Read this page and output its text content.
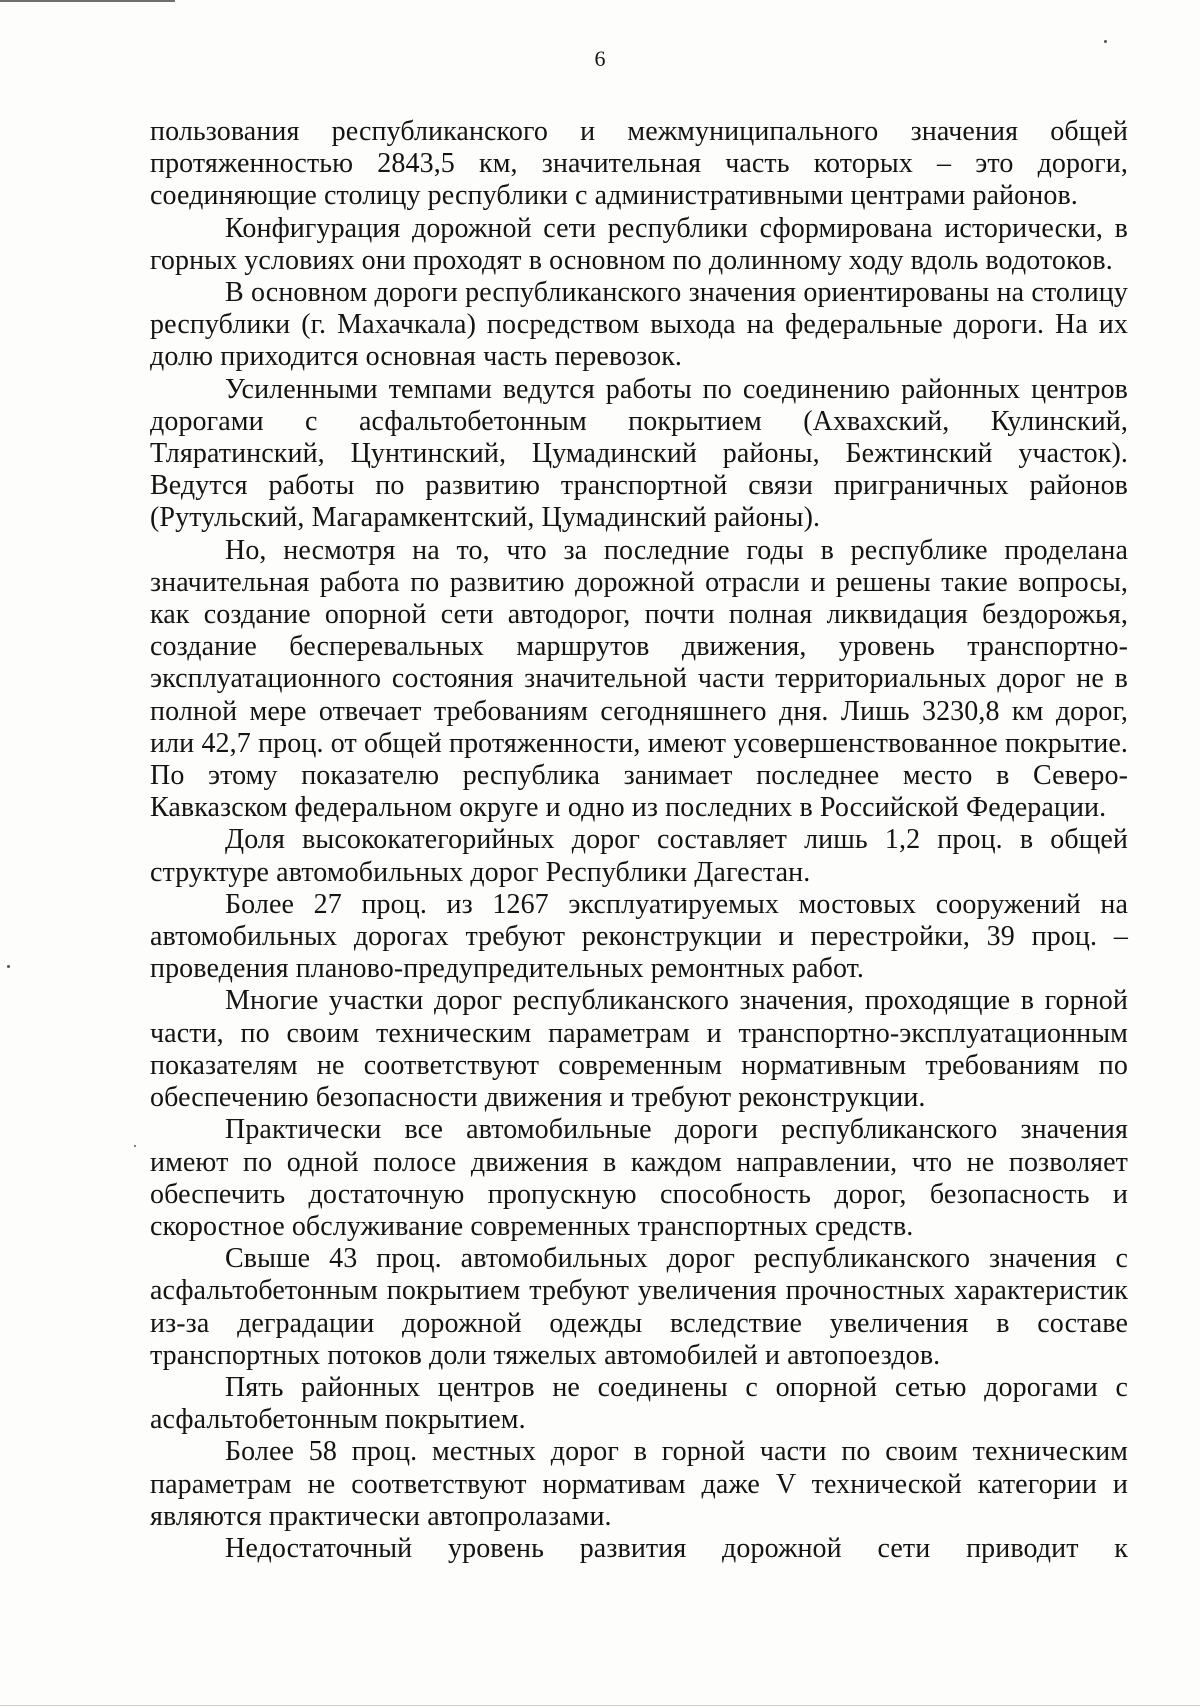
6

пользования республиканского и межмуниципального значения общей протяженностью 2843,5 км, значительная часть которых – это дороги, соединяющие столицу республики с административными центрами районов.

Конфигурация дорожной сети республики сформирована исторически, в горных условиях они проходят в основном по долинному ходу вдоль водотоков.

В основном дороги республиканского значения ориентированы на столицу республики (г. Махачкала) посредством выхода на федеральные дороги. На их долю приходится основная часть перевозок.

Усиленными темпами ведутся работы по соединению районных центров дорогами с асфальтобетонным покрытием (Ахвахский, Кулинский, Тляратинский, Цунтинский, Цумадинский районы, Бежтинский участок). Ведутся работы по развитию транспортной связи приграничных районов (Рутульский, Магарамкентский, Цумадинский районы).

Но, несмотря на то, что за последние годы в республике проделана значительная работа по развитию дорожной отрасли и решены такие вопросы, как создание опорной сети автодорог, почти полная ликвидация бездорожья, создание бесперевальных маршрутов движения, уровень транспортно-эксплуатационного состояния значительной части территориальных дорог не в полной мере отвечает требованиям сегодняшнего дня. Лишь 3230,8 км дорог, или 42,7 проц. от общей протяженности, имеют усовершенствованное покрытие. По этому показателю республика занимает последнее место в Северо-Кавказском федеральном округе и одно из последних в Российской Федерации.

Доля высококатегорийных дорог составляет лишь 1,2 проц. в общей структуре автомобильных дорог Республики Дагестан.

Более 27 проц. из 1267 эксплуатируемых мостовых сооружений на автомобильных дорогах требуют реконструкции и перестройки, 39 проц. – проведения планово-предупредительных ремонтных работ.

Многие участки дорог республиканского значения, проходящие в горной части, по своим техническим параметрам и транспортно-эксплуатационным показателям не соответствуют современным нормативным требованиям по обеспечению безопасности движения и требуют реконструкции.

Практически все автомобильные дороги республиканского значения имеют по одной полосе движения в каждом направлении, что не позволяет обеспечить достаточную пропускную способность дорог, безопасность и скоростное обслуживание современных транспортных средств.

Свыше 43 проц. автомобильных дорог республиканского значения с асфальтобетонным покрытием требуют увеличения прочностных характеристик из-за деградации дорожной одежды вследствие увеличения в составе транспортных потоков доли тяжелых автомобилей и автопоездов.

Пять районных центров не соединены с опорной сетью дорогами с асфальтобетонным покрытием.

Более 58 проц. местных дорог в горной части по своим техническим параметрам не соответствуют нормативам даже V технической категории и являются практически автопролазами.

Недостаточный уровень развития дорожной сети приводит к
